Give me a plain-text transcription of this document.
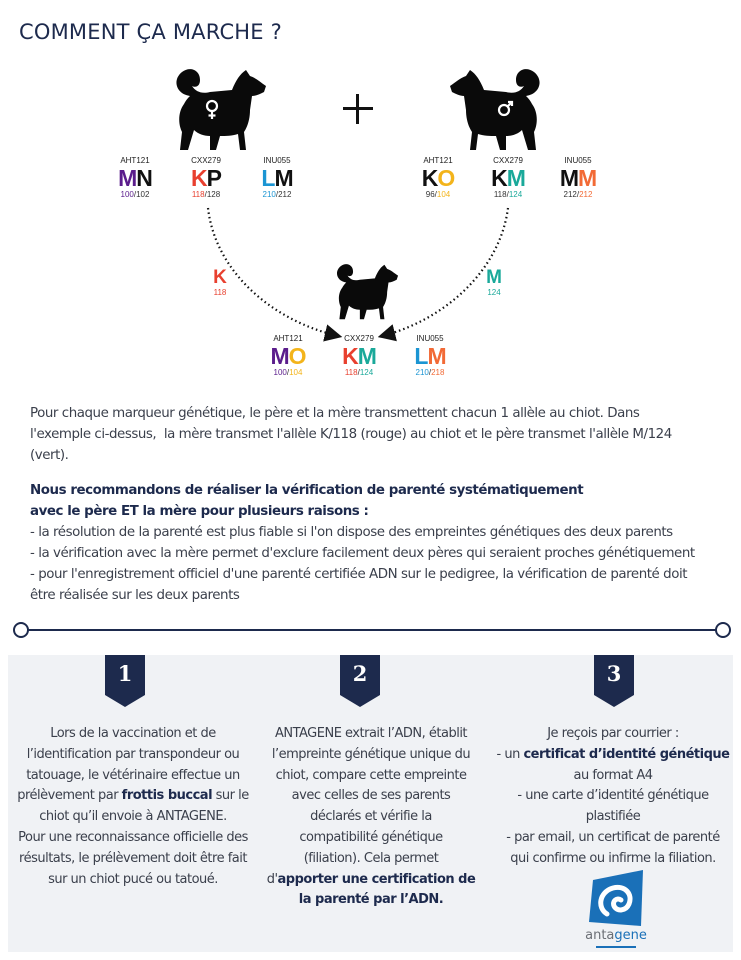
COMMENT ÇA MARCHE ?
AHT121
MN
100/102
CXX279
KP
118/128
INU055
LM
210/212
AHT121
KO
96/104
CXX279
KM
118/124
INU055
MM
212/212
K
118
M
124
AHT121
MO
100/104
CXX279
KM
118/124
INU055
LM
210/218
Pour chaque marqueur génétique, le père et la mère transmettent chacun 1 allèle au chiot. Dans
l'exemple ci-dessus,  la mère transmet l'allèle K/118 (rouge) au chiot et le père transmet l'allèle M/124
(vert).
Nous recommandons de réaliser la vérification de parenté systématiquement
avec le père ET la mère pour plusieurs raisons :
- la résolution de la parenté est plus fiable si l'on dispose des empreintes génétiques des deux parents
- la vérification avec la mère permet d'exclure facilement deux pères qui seraient proches génétiquement
- pour l'enregistrement officiel d'une parenté certifiée ADN sur le pedigree, la vérification de parenté doit
être réalisée sur les deux parents
1	2	3
Lors de la vaccination et de
l’identification par transpondeur ou
tatouage, le vétérinaire effectue un
prélèvement par frottis buccal sur le
chiot qu’il envoie à ANTAGENE.
Pour une reconnaissance officielle des
résultats, le prélèvement doit être fait
sur un chiot pucé ou tatoué.
ANTAGENE extrait l’ADN, établit
l’empreinte génétique unique du
chiot, compare cette empreinte
avec celles de ses parents
déclarés et vérifie la
compatibilité génétique
(filiation). Cela permet
d'apporter une certification de
la parenté par l’ADN.
Je reçois par courrier :
- un certificat d’identité génétique
au format A4
- une carte d’identité génétique
plastifiée
- par email, un certificat de parenté
qui confirme ou infirme la filiation.
antagene
